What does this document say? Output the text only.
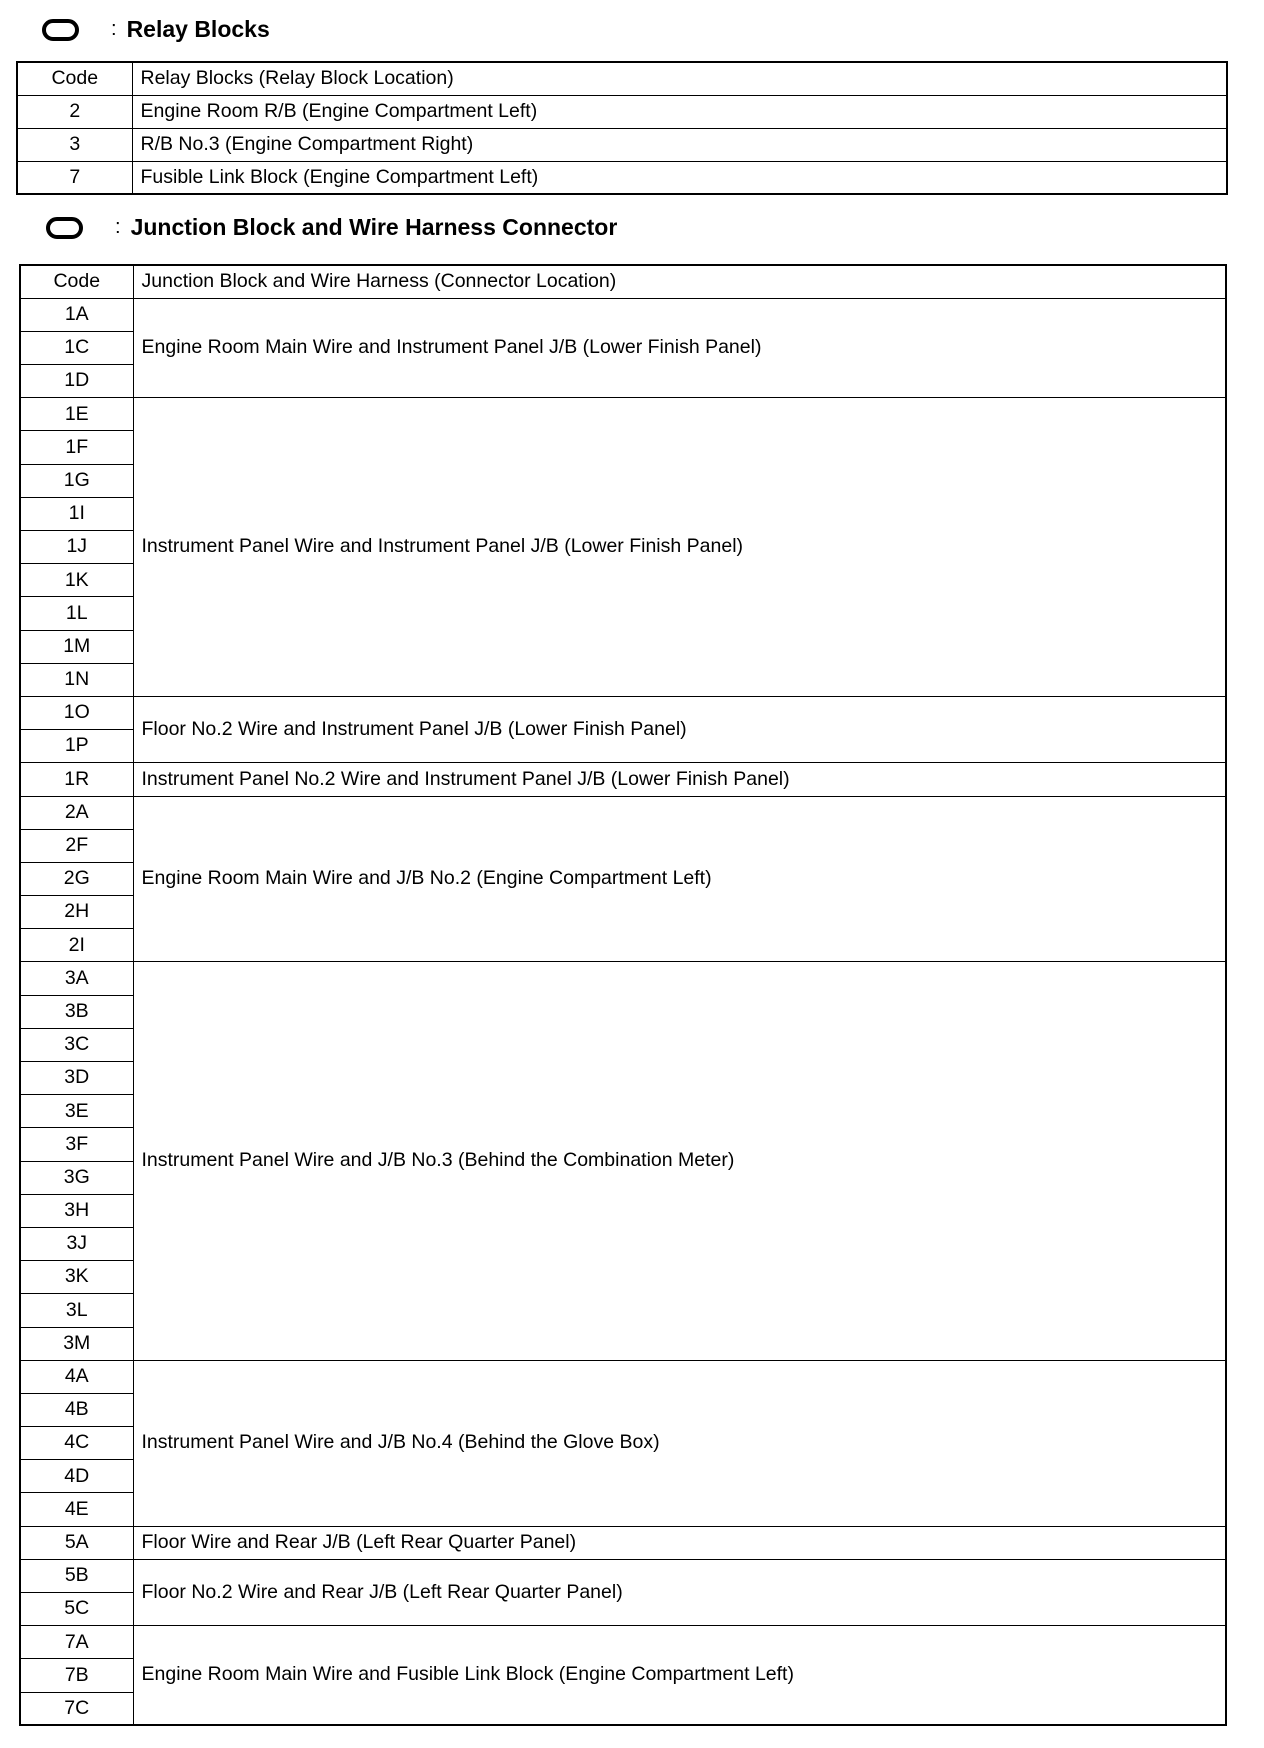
: Relay Blocks
Code	Relay Blocks (Relay Block Location)
2	Engine Room R/B (Engine Compartment Left)
3	R/B No.3 (Engine Compartment Right)
7	Fusible Link Block (Engine Compartment Left)
: Junction Block and Wire Harness Connector
Code	Junction Block and Wire Harness (Connector Location)
1A	Engine Room Main Wire and Instrument Panel J/B (Lower Finish Panel)
1C	
1D	
1E	Instrument Panel Wire and Instrument Panel J/B (Lower Finish Panel)
1F	
1G	
1I	
1J	
1K	
1L	
1M	
1N	
1O	Floor No.2 Wire and Instrument Panel J/B (Lower Finish Panel)
1P	
1R	Instrument Panel No.2 Wire and Instrument Panel J/B (Lower Finish Panel)
2A	Engine Room Main Wire and J/B No.2 (Engine Compartment Left)
2F	
2G	
2H	
2I	
3A	Instrument Panel Wire and J/B No.3 (Behind the Combination Meter)
3B	
3C	
3D	
3E	
3F	
3G	
3H	
3J	
3K	
3L	
3M	
4A	Instrument Panel Wire and J/B No.4 (Behind the Glove Box)
4B	
4C	
4D	
4E	
5A	Floor Wire and Rear J/B (Left Rear Quarter Panel)
5B	Floor No.2 Wire and Rear J/B (Left Rear Quarter Panel)
5C	
7A	Engine Room Main Wire and Fusible Link Block (Engine Compartment Left)
7B	
7C	
